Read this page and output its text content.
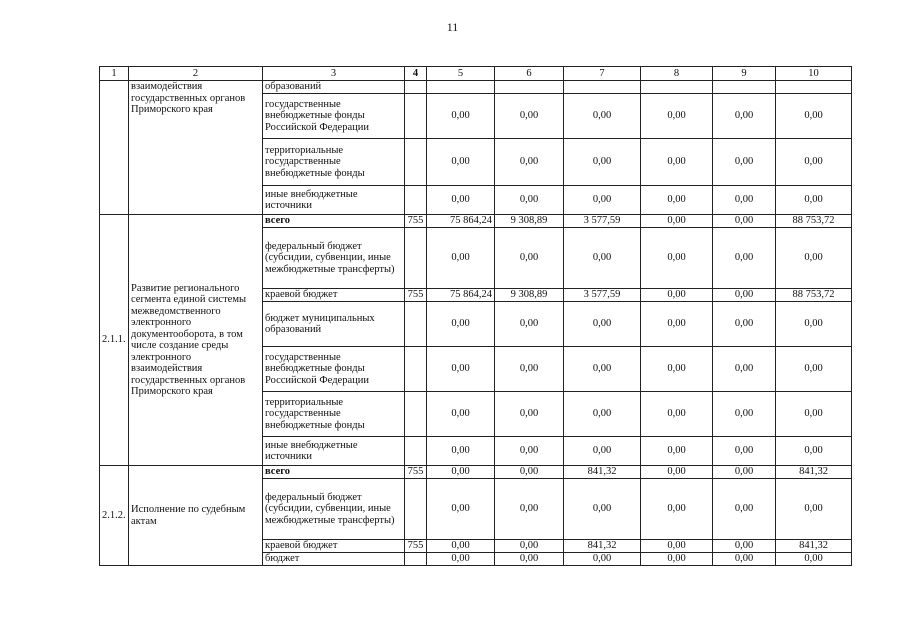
11
1	2	3	4	5	6	7	8	9	10
	взаимодействия государственных органов Приморского края	образований							
		государственные внебюджетные фонды Российской Федерации		0,00	0,00	0,00	0,00	0,00	0,00
		территориальные государственные внебюджетные фонды		0,00	0,00	0,00	0,00	0,00	0,00
		иные внебюджетные источники		0,00	0,00	0,00	0,00	0,00	0,00
2.1.1.	Развитие регионального сегмента единой системы межведомственного электронного документооборота, в том числе создание среды электронного взаимодействия государственных органов Приморского края	всего	755	75 864,24	9 308,89	3 577,59	0,00	0,00	88 753,72
		федеральный бюджет (субсидии, субвенции, иные межбюджетные трансферты)		0,00	0,00	0,00	0,00	0,00	0,00
		краевой бюджет	755	75 864,24	9 308,89	3 577,59	0,00	0,00	88 753,72
		бюджет муниципальных образований		0,00	0,00	0,00	0,00	0,00	0,00
		государственные внебюджетные фонды Российской Федерации		0,00	0,00	0,00	0,00	0,00	0,00
		территориальные государственные внебюджетные фонды		0,00	0,00	0,00	0,00	0,00	0,00
		иные внебюджетные источники		0,00	0,00	0,00	0,00	0,00	0,00
2.1.2.	Исполнение по судебным актам	всего	755	0,00	0,00	841,32	0,00	0,00	841,32
		федеральный бюджет (субсидии, субвенции, иные межбюджетные трансферты)		0,00	0,00	0,00	0,00	0,00	0,00
		краевой бюджет	755	0,00	0,00	841,32	0,00	0,00	841,32
		бюджет		0,00	0,00	0,00	0,00	0,00	0,00
